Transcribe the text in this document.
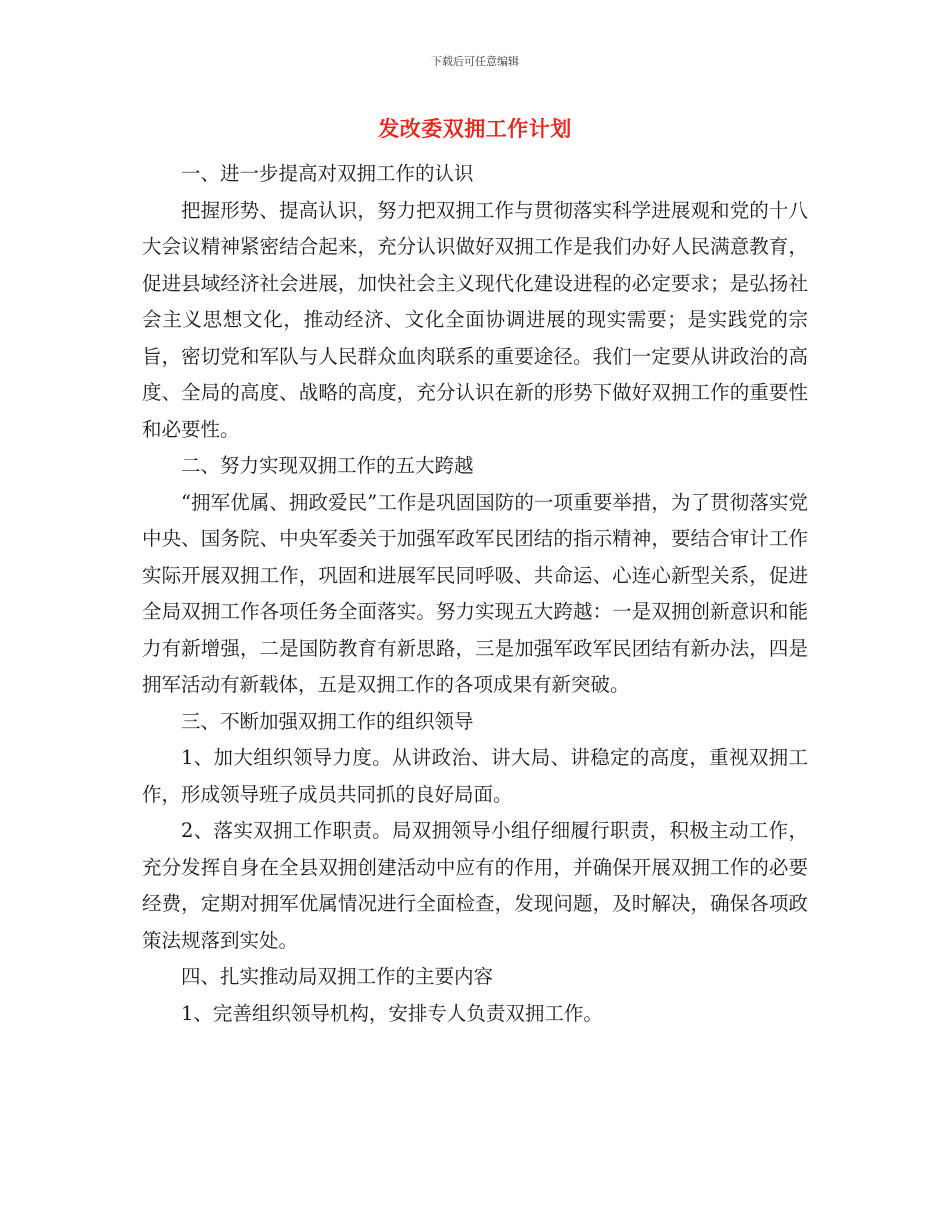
下载后可任意编辑
发改委双拥工作计划

一、进一步提高对双拥工作的认识

把握形势、提高认识，努力把双拥工作与贯彻落实科学进展观和党的十八大会议精神紧密结合起来，充分认识做好双拥工作是我们办好人民满意教育，促进县域经济社会进展，加快社会主义现代化建设进程的必定要求；是弘扬社会主义思想文化，推动经济、文化全面协调进展的现实需要；是实践党的宗旨，密切党和军队与人民群众血肉联系的重要途径。我们一定要从讲政治的高度、全局的高度、战略的高度，充分认识在新的形势下做好双拥工作的重要性和必要性。

二、努力实现双拥工作的五大跨越

“拥军优属、拥政爱民”工作是巩固国防的一项重要举措，为了贯彻落实党中央、国务院、中央军委关于加强军政军民团结的指示精神，要结合审计工作实际开展双拥工作，巩固和进展军民同呼吸、共命运、心连心新型关系，促进全局双拥工作各项任务全面落实。努力实现五大跨越：一是双拥创新意识和能力有新增强，二是国防教育有新思路，三是加强军政军民团结有新办法，四是拥军活动有新载体，五是双拥工作的各项成果有新突破。

三、不断加强双拥工作的组织领导

1、加大组织领导力度。从讲政治、讲大局、讲稳定的高度，重视双拥工作，形成领导班子成员共同抓的良好局面。

2、落实双拥工作职责。局双拥领导小组仔细履行职责，积极主动工作，充分发挥自身在全县双拥创建活动中应有的作用，并确保开展双拥工作的必要经费，定期对拥军优属情况进行全面检查，发现问题，及时解决，确保各项政策法规落到实处。

四、扎实推动局双拥工作的主要内容

1、完善组织领导机构，安排专人负责双拥工作。
